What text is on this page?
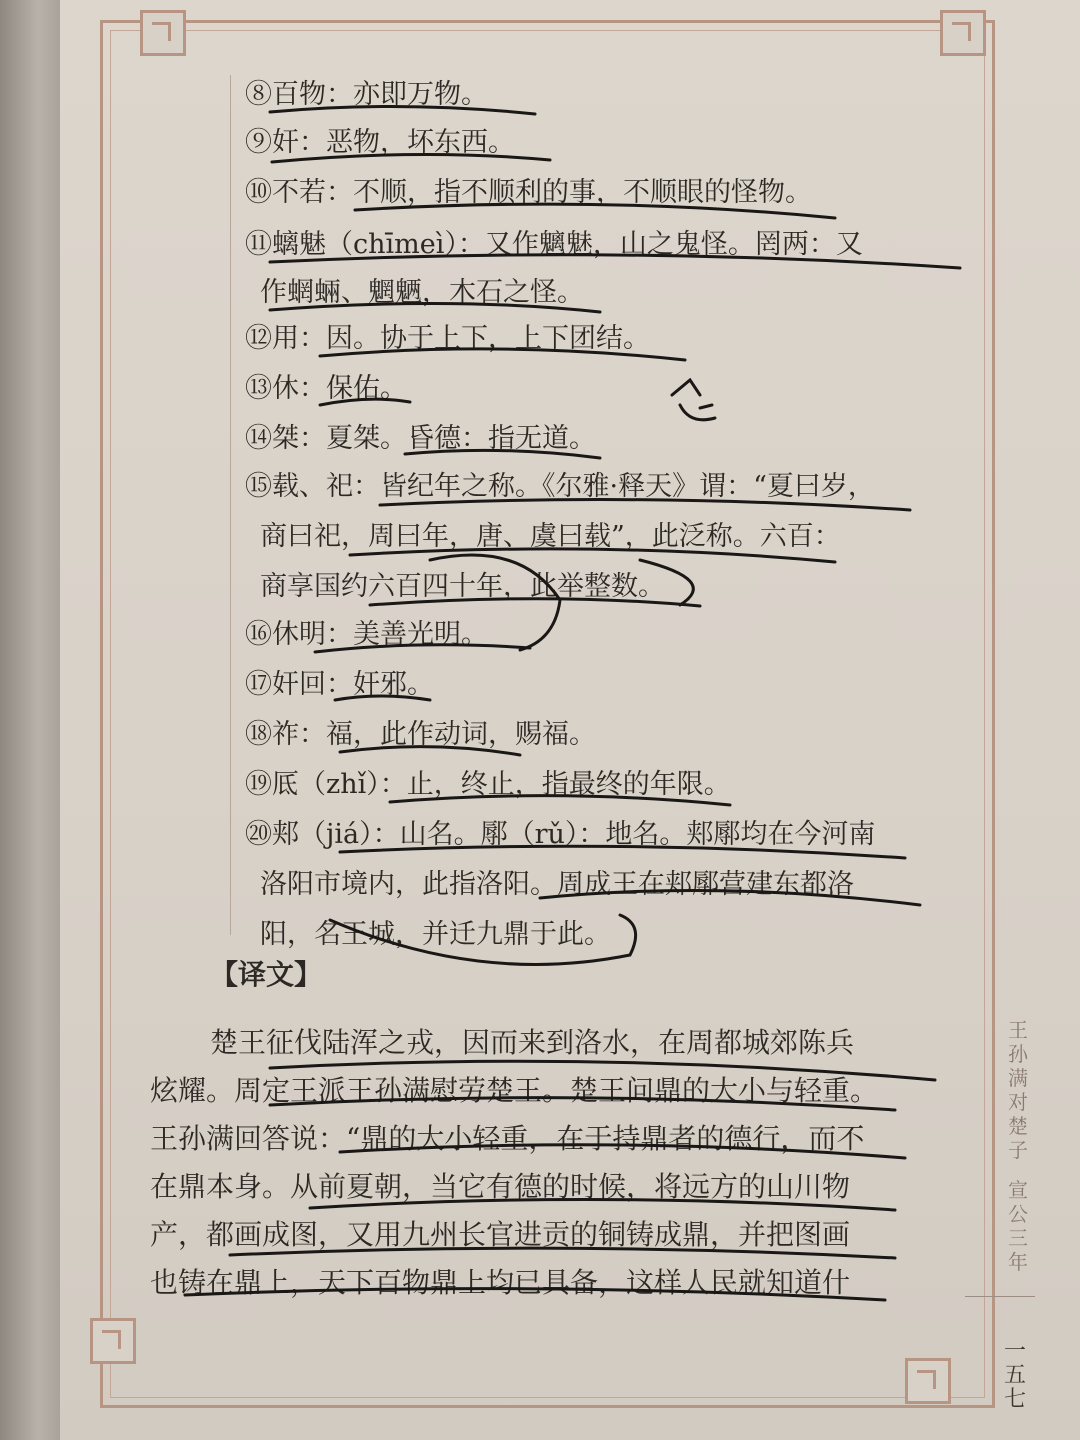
⑧百物：亦即万物。
⑨奸：恶物，坏东西。
⑩不若：不顺，指不顺利的事，不顺眼的怪物。
⑪螭魅（chīmeì）：又作魑魅，山之鬼怪。罔两：又
作蝄蜽、魍魉，木石之怪。
⑫用：因。协于上下，上下团结。
⑬休：保佑。
⑭桀：夏桀。昏德：指无道。
⑮载、祀：皆纪年之称。《尔雅·释天》谓：“夏曰岁，
商曰祀，周曰年，唐、虞曰载”，此泛称。六百：
商享国约六百四十年，此举整数。
⑯休明：美善光明。
⑰奸回：奸邪。
⑱祚：福，此作动词，赐福。
⑲厎（zhǐ）：止，终止，指最终的年限。
⑳郏（jiá）：山名。鄏（rǔ）：地名。郏鄏均在今河南
洛阳市境内，此指洛阳。周成王在郏鄏营建东都洛
阳，名王城，并迁九鼎于此。
【译文】
楚王征伐陆浑之戎，因而来到洛水，在周都城郊陈兵
炫耀。周定王派王孙满慰劳楚王。楚王问鼎的大小与轻重。
王孙满回答说：“鼎的大小轻重，在于持鼎者的德行，而不
在鼎本身。从前夏朝，当它有德的时候，将远方的山川物
产，都画成图，又用九州长官进贡的铜铸成鼎，并把图画
也铸在鼎上，天下百物鼎上均已具备，这样人民就知道什
王孙满对楚子
宣公三年
一五七
